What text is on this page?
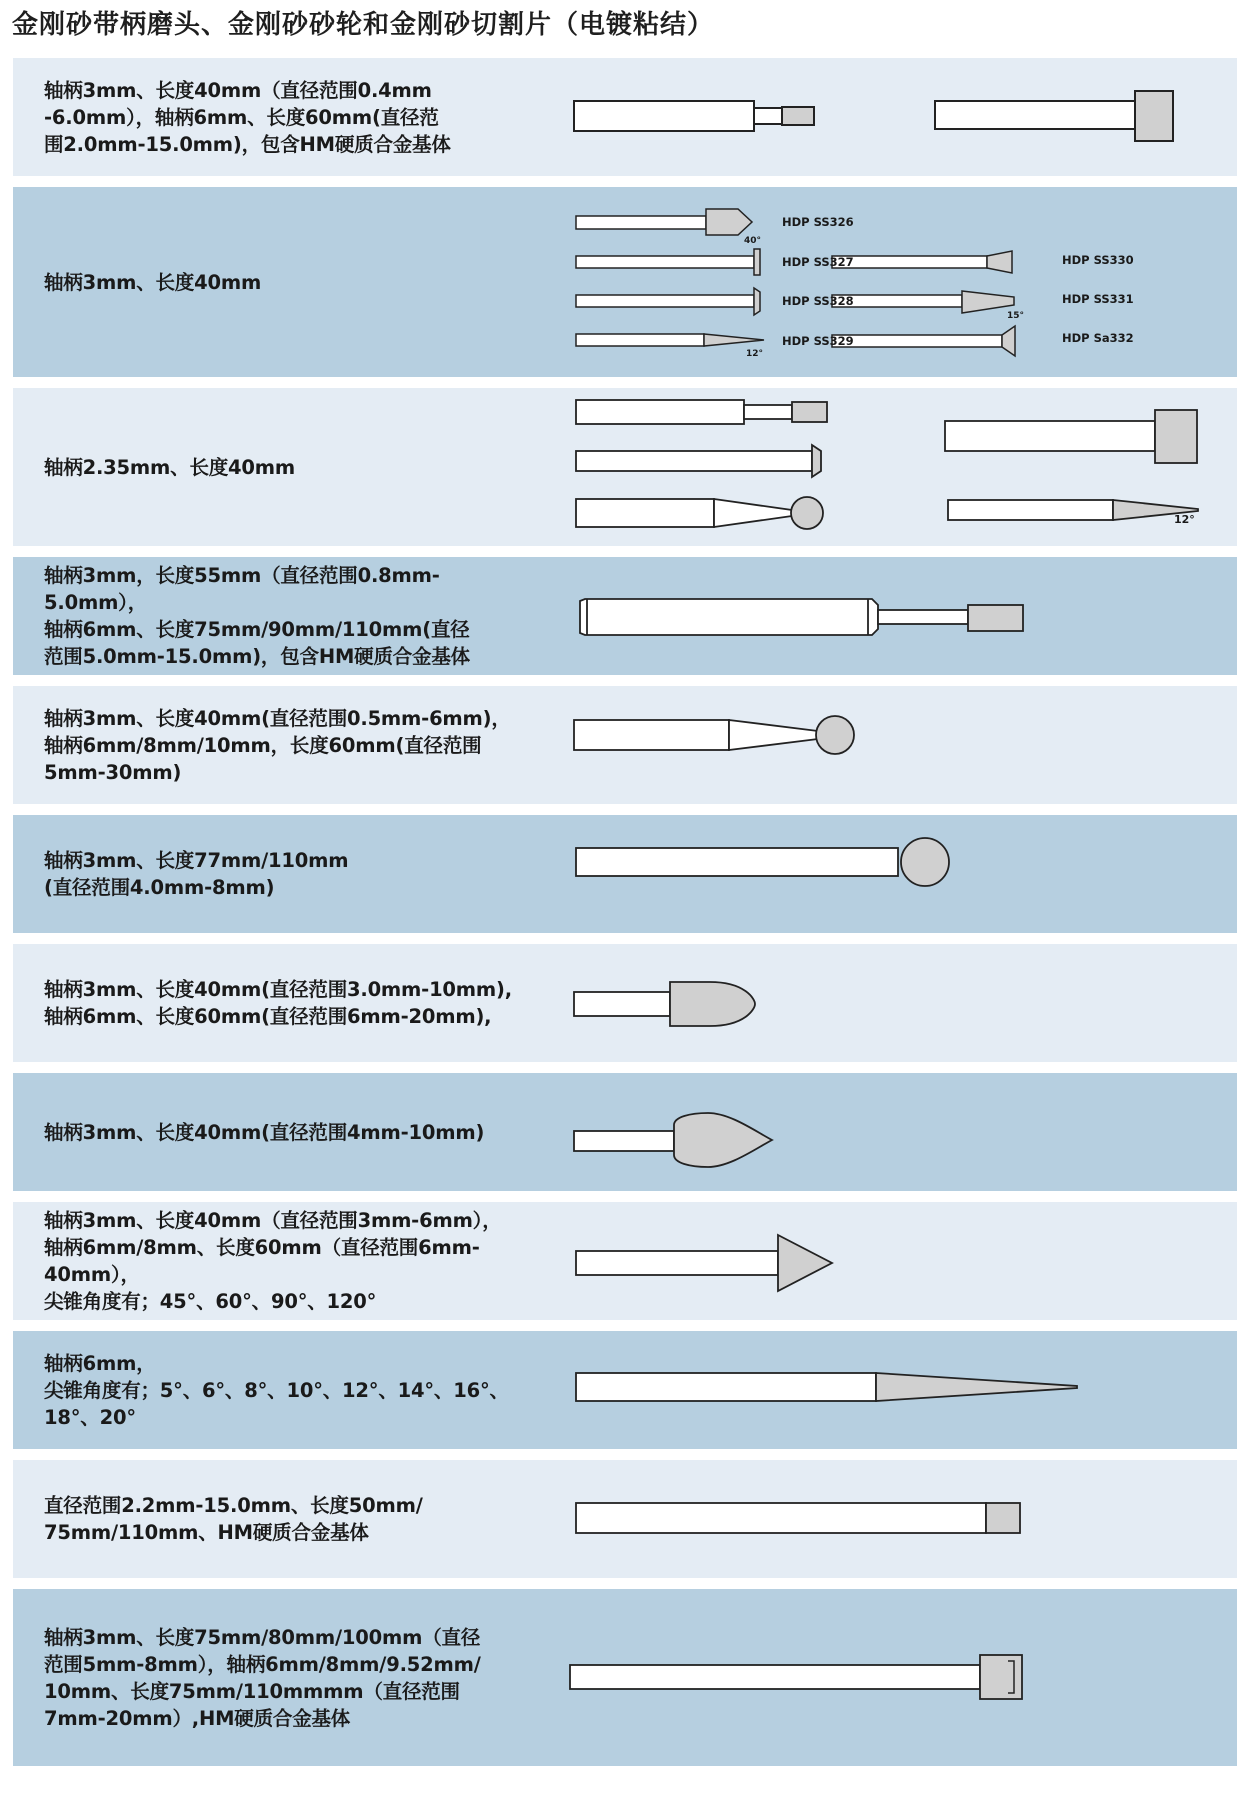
金刚砂带柄磨头、金刚砂砂轮和金刚砂切割片（电镀粘结）
轴柄3mm、长度40mm（直径范围0.4mm
-6.0mm），轴柄6mm、长度60mm(直径范
围2.0mm-15.0mm)，包含HM硬质合金基体
轴柄3mm、长度40mm
HDP SS326
HDP SS327
HDP SS328
HDP SS329
HDP SS330
HDP SS331
HDP Sa332
40°
12°
15°
轴柄2.35mm、长度40mm
12°
轴柄3mm，长度55mm（直径范围0.8mm-5.0mm），
轴柄6mm、长度75mm/90mm/110mm(直径
范围5.0mm-15.0mm)，包含HM硬质合金基体
轴柄3mm、长度40mm(直径范围0.5mm-6mm)，
轴柄6mm/8mm/10mm，长度60mm(直径范围
5mm-30mm)
轴柄3mm、长度77mm/110mm
(直径范围4.0mm-8mm)
轴柄3mm、长度40mm(直径范围3.0mm-10mm),
轴柄6mm、长度60mm(直径范围6mm-20mm),
轴柄3mm、长度40mm(直径范围4mm-10mm)
轴柄3mm、长度40mm（直径范围3mm-6mm），
轴柄6mm/8mm、长度60mm（直径范围6mm-
40mm），
尖锥角度有；45°、60°、90°、120°
轴柄6mm，
尖锥角度有；5°、6°、8°、10°、12°、14°、16°、18°、20°
直径范围2.2mm-15.0mm、长度50mm/
75mm/110mm、HM硬质合金基体
轴柄3mm、长度75mm/80mm/100mm（直径
范围5mm-8mm），轴柄6mm/8mm/9.52mm/
10mm、长度75mm/110mmmm（直径范围
7mm-20mm）,HM硬质合金基体
